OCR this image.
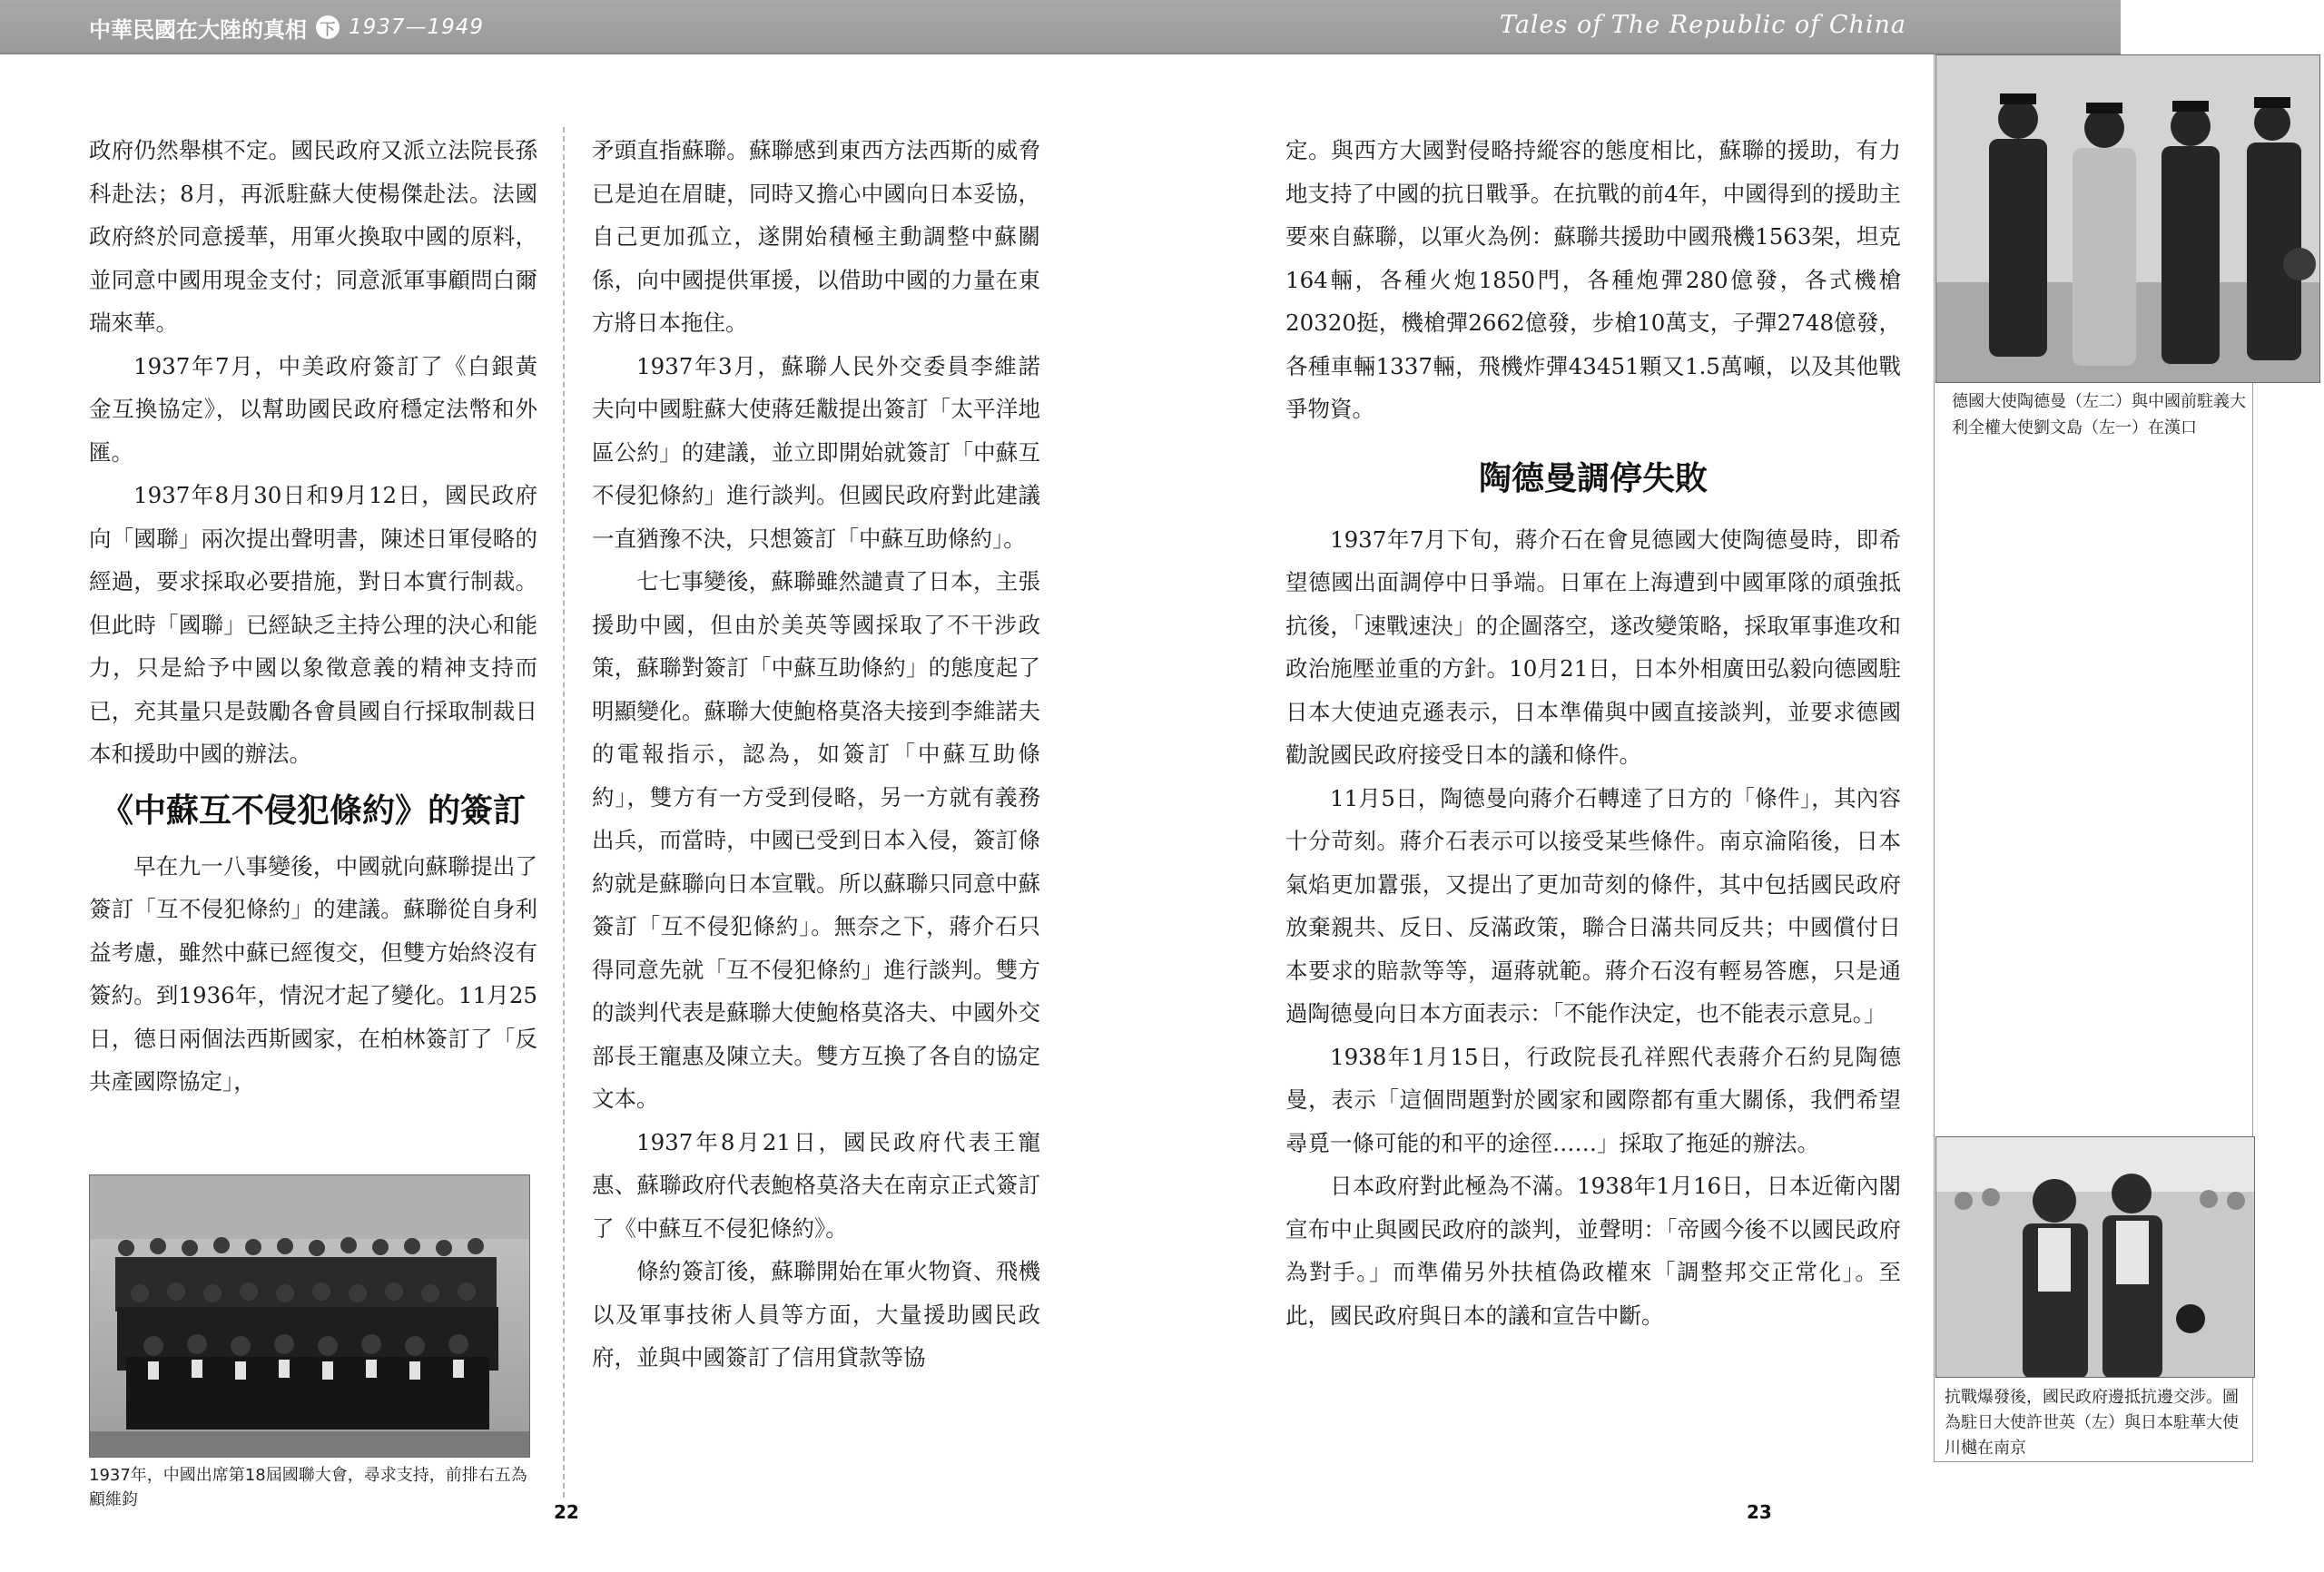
中華民國在大陸的真相 下 1937—1949	Tales of The Republic of China

政府仍然舉棋不定。國民政府又派立法院長孫科赴法；8月，再派駐蘇大使楊傑赴法。法國政府終於同意援華，用軍火換取中國的原料，並同意中國用現金支付；同意派軍事顧問白爾瑞來華。

1937年7月，中美政府簽訂了《白銀黃金互換協定》，以幫助國民政府穩定法幣和外匯。

1937年8月30日和9月12日，國民政府向「國聯」兩次提出聲明書，陳述日軍侵略的經過，要求採取必要措施，對日本實行制裁。但此時「國聯」已經缺乏主持公理的決心和能力，只是給予中國以象徵意義的精神支持而已，充其量只是鼓勵各會員國自行採取制裁日本和援助中國的辦法。

《中蘇互不侵犯條約》的簽訂

早在九一八事變後，中國就向蘇聯提出了簽訂「互不侵犯條約」的建議。蘇聯從自身利益考慮，雖然中蘇已經復交，但雙方始終沒有簽約。到1936年，情況才起了變化。11月25日，德日兩個法西斯國家，在柏林簽訂了「反共產國際協定」，

1937年，中國出席第18屆國聯大會，尋求支持，前排右五為顧維鈞

矛頭直指蘇聯。蘇聯感到東西方法西斯的威脅已是迫在眉睫，同時又擔心中國向日本妥協，自己更加孤立，遂開始積極主動調整中蘇關係，向中國提供軍援，以借助中國的力量在東方將日本拖住。

1937年3月，蘇聯人民外交委員李維諾夫向中國駐蘇大使蔣廷黻提出簽訂「太平洋地區公約」的建議，並立即開始就簽訂「中蘇互不侵犯條約」進行談判。但國民政府對此建議一直猶豫不決，只想簽訂「中蘇互助條約」。

七七事變後，蘇聯雖然譴責了日本，主張援助中國，但由於美英等國採取了不干涉政策，蘇聯對簽訂「中蘇互助條約」的態度起了明顯變化。蘇聯大使鮑格莫洛夫接到李維諾夫的電報指示，認為，如簽訂「中蘇互助條約」，雙方有一方受到侵略，另一方就有義務出兵，而當時，中國已受到日本入侵，簽訂條約就是蘇聯向日本宣戰。所以蘇聯只同意中蘇簽訂「互不侵犯條約」。無奈之下，蔣介石只得同意先就「互不侵犯條約」進行談判。雙方的談判代表是蘇聯大使鮑格莫洛夫、中國外交部長王寵惠及陳立夫。雙方互換了各自的協定文本。

1937年8月21日，國民政府代表王寵惠、蘇聯政府代表鮑格莫洛夫在南京正式簽訂了《中蘇互不侵犯條約》。

條約簽訂後，蘇聯開始在軍火物資、飛機以及軍事技術人員等方面，大量援助國民政府，並與中國簽訂了信用貸款等協

22

定。與西方大國對侵略持縱容的態度相比，蘇聯的援助，有力地支持了中國的抗日戰爭。在抗戰的前4年，中國得到的援助主要來自蘇聯，以軍火為例：蘇聯共援助中國飛機1563架，坦克164輛，各種火炮1850門，各種炮彈280億發，各式機槍20320挺，機槍彈2662億發，步槍10萬支，子彈2748億發，各種車輛1337輛，飛機炸彈43451顆又1.5萬噸，以及其他戰爭物資。

陶德曼調停失敗

1937年7月下旬，蔣介石在會見德國大使陶德曼時，即希望德國出面調停中日爭端。日軍在上海遭到中國軍隊的頑強抵抗後，「速戰速決」的企圖落空，遂改變策略，採取軍事進攻和政治施壓並重的方針。10月21日，日本外相廣田弘毅向德國駐日本大使迪克遜表示，日本準備與中國直接談判，並要求德國勸說國民政府接受日本的議和條件。

11月5日，陶德曼向蔣介石轉達了日方的「條件」，其內容十分苛刻。蔣介石表示可以接受某些條件。南京淪陷後，日本氣焰更加囂張，又提出了更加苛刻的條件，其中包括國民政府放棄親共、反日、反滿政策，聯合日滿共同反共；中國償付日本要求的賠款等等，逼蔣就範。蔣介石沒有輕易答應，只是通過陶德曼向日本方面表示：「不能作決定，也不能表示意見。」

1938年1月15日，行政院長孔祥熙代表蔣介石約見陶德曼，表示「這個問題對於國家和國際都有重大關係，我們希望尋覓一條可能的和平的途徑……」採取了拖延的辦法。

日本政府對此極為不滿。1938年1月16日，日本近衛內閣宣布中止與國民政府的談判，並聲明：「帝國今後不以國民政府為對手。」而準備另外扶植偽政權來「調整邦交正常化」。至此，國民政府與日本的議和宣告中斷。

德國大使陶德曼（左二）與中國前駐義大利全權大使劉文島（左一）在漢口
抗戰爆發後，國民政府邊抵抗邊交涉。圖為駐日大使許世英（左）與日本駐華大使川樾在南京
23
